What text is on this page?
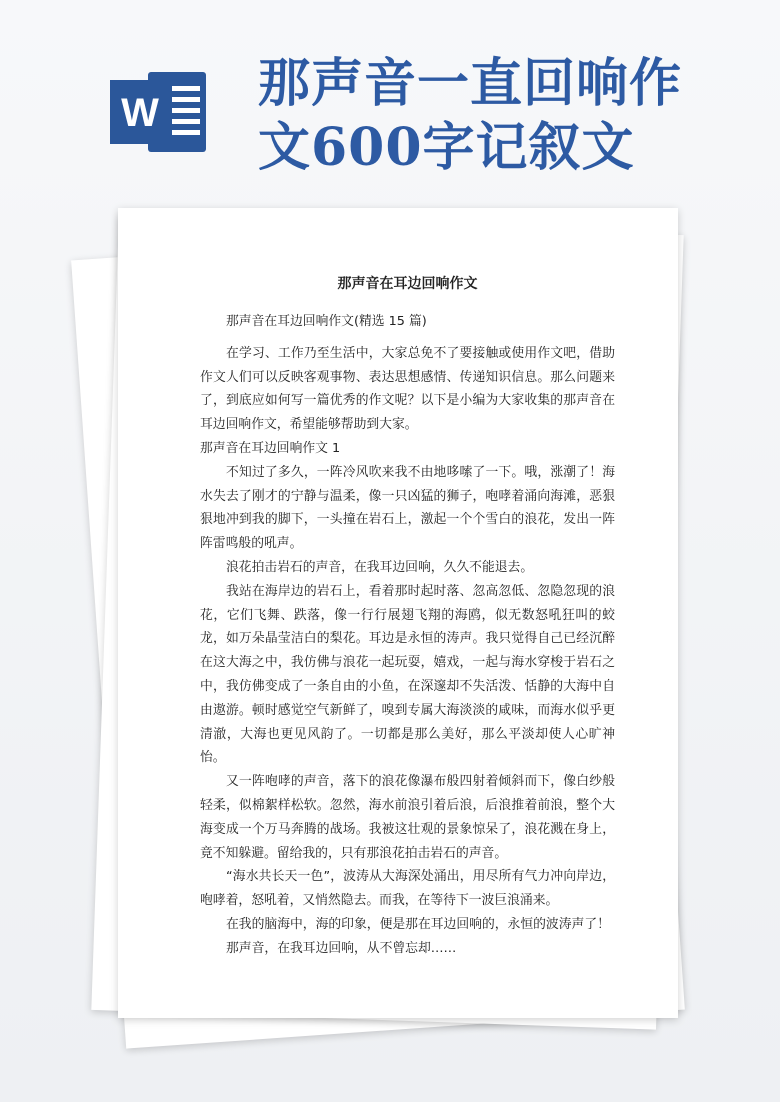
W 那声音一直回响作
文600字记叙文
那声音在耳边回响作文

那声音在耳边回响作文(精选 15 篇)

在学习、工作乃至生活中，大家总免不了要接触或使用作文吧，借助作文人们可以反映客观事物、表达思想感情、传递知识信息。那么问题来了，到底应如何写一篇优秀的作文呢？以下是小编为大家收集的那声音在耳边回响作文，希望能够帮助到大家。

那声音在耳边回响作文 1

不知过了多久，一阵冷风吹来我不由地哆嗦了一下。哦，涨潮了！海水失去了刚才的宁静与温柔，像一只凶猛的狮子，咆哮着涌向海滩，恶狠狠地冲到我的脚下，一头撞在岩石上，激起一个个雪白的浪花，发出一阵阵雷鸣般的吼声。

浪花拍击岩石的声音，在我耳边回响，久久不能退去。

我站在海岸边的岩石上，看着那时起时落、忽高忽低、忽隐忽现的浪花，它们飞舞、跌落，像一行行展翅飞翔的海鸥，似无数怒吼狂叫的蛟龙，如万朵晶莹洁白的梨花。耳边是永恒的涛声。我只觉得自己已经沉醉在这大海之中，我仿佛与浪花一起玩耍，嬉戏，一起与海水穿梭于岩石之中，我仿佛变成了一条自由的小鱼，在深邃却不失活泼、恬静的大海中自由遨游。顿时感觉空气新鲜了，嗅到专属大海淡淡的咸味，而海水似乎更清澈，大海也更见风韵了。一切都是那么美好，那么平淡却使人心旷神怡。

又一阵咆哮的声音，落下的浪花像瀑布般四射着倾斜而下，像白纱般轻柔，似棉絮样松软。忽然，海水前浪引着后浪，后浪推着前浪，整个大海变成一个万马奔腾的战场。我被这壮观的景象惊呆了，浪花溅在身上，竟不知躲避。留给我的，只有那浪花拍击岩石的声音。

“海水共长天一色”，波涛从大海深处涌出，用尽所有气力冲向岸边，咆哮着，怒吼着，又悄然隐去。而我，在等待下一波巨浪涌来。

在我的脑海中，海的印象，便是那在耳边回响的，永恒的波涛声了！

那声音，在我耳边回响，从不曾忘却……
